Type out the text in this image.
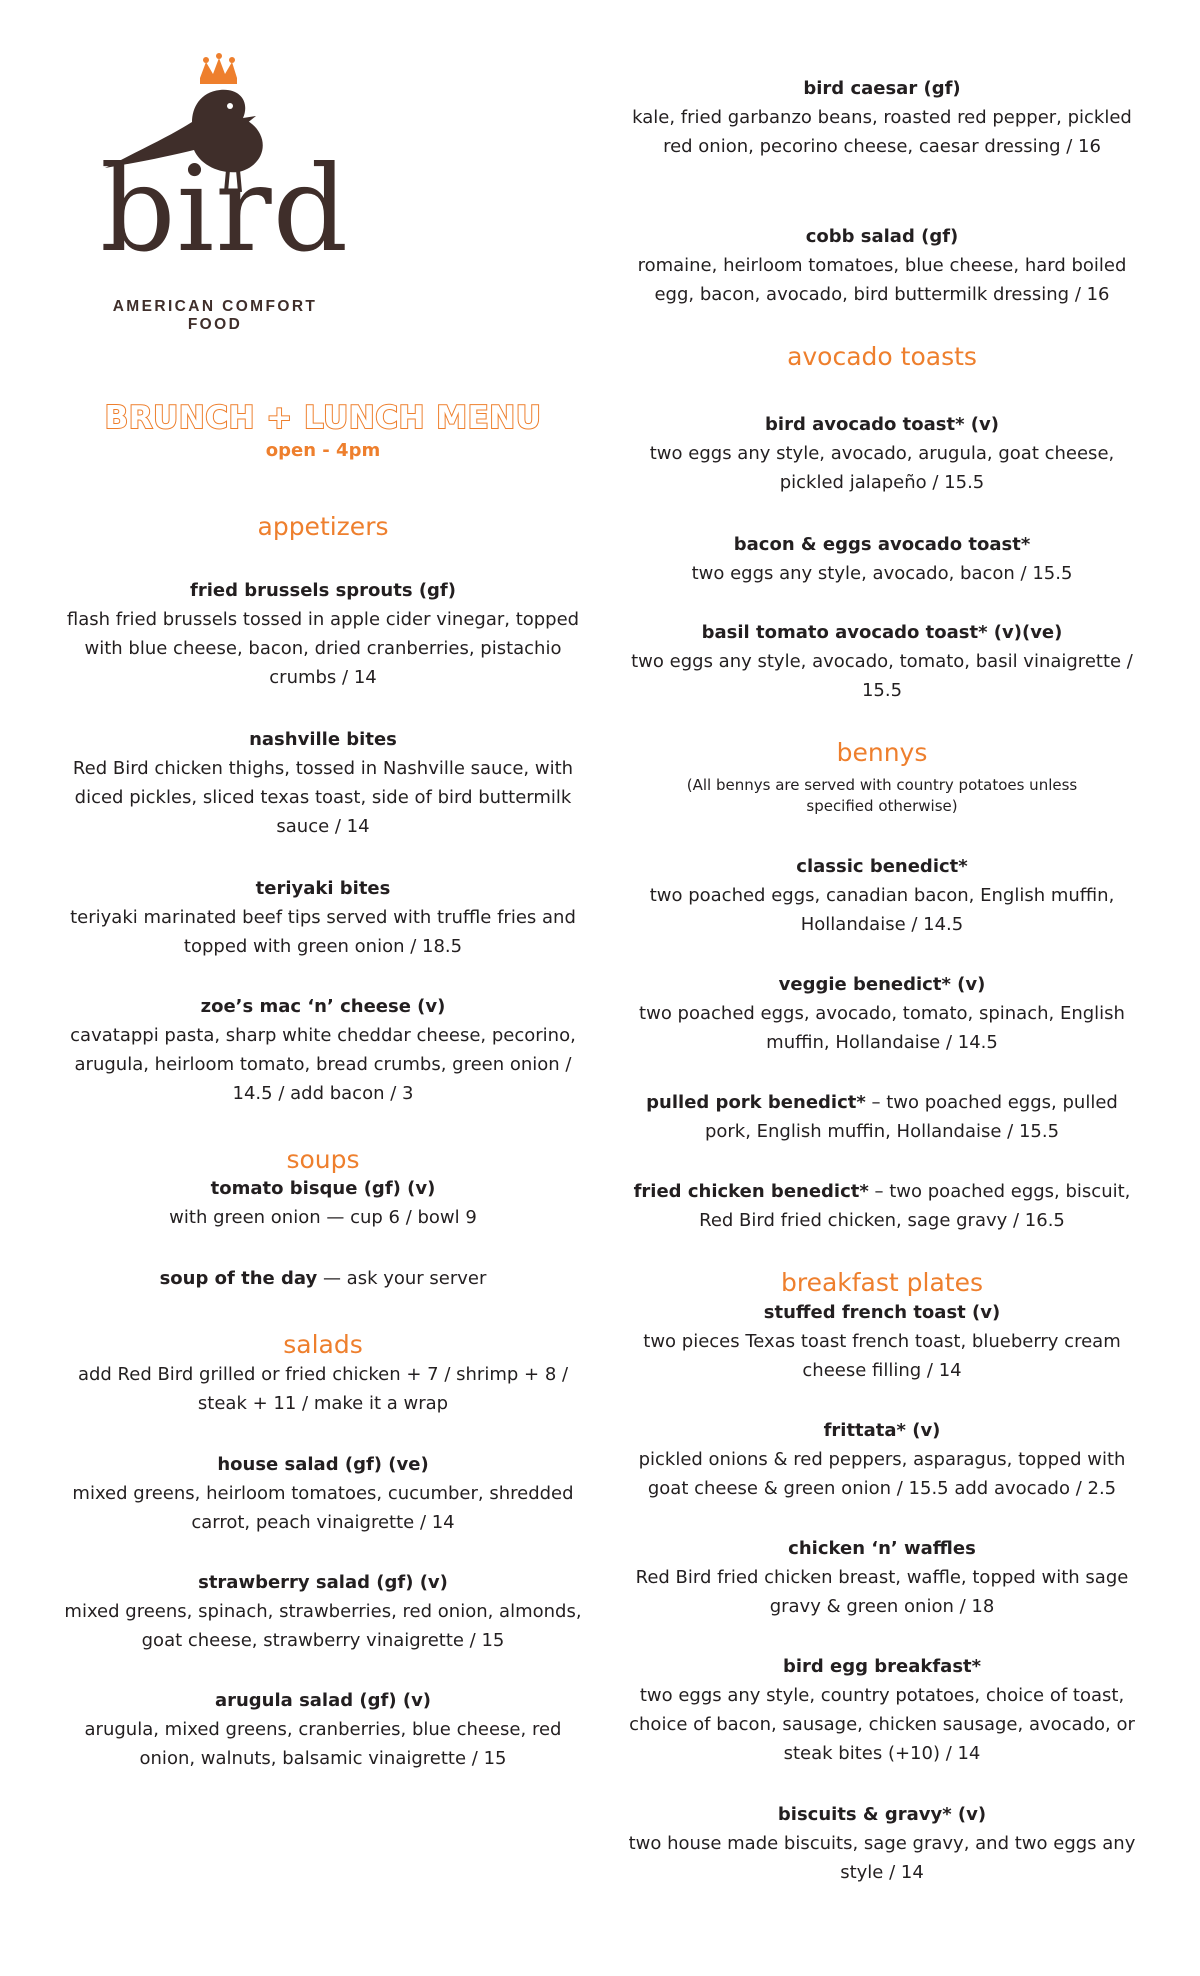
bird
AMERICAN COMFORT FOOD
BRUNCH + LUNCH MENU
open - 4pm
appetizers
fried brussels sprouts (gf)
flash fried brussels tossed in apple cider vinegar, topped with blue cheese, bacon, dried cranberries, pistachio crumbs / 14
nashville bites
Red Bird chicken thighs, tossed in Nashville sauce, with diced pickles, sliced texas toast, side of bird buttermilk sauce / 14
teriyaki bites
teriyaki marinated beef tips served with truffle fries and topped with green onion / 18.5
zoe’s mac ‘n’ cheese (v)
cavatappi pasta, sharp white cheddar cheese, pecorino, arugula, heirloom tomato, bread crumbs, green onion / 14.5 / add bacon / 3
soups
tomato bisque (gf) (v)
with green onion — cup 6 / bowl 9
soup of the day — ask your server
salads
add Red Bird grilled or fried chicken + 7 / shrimp + 8 / steak + 11 / make it a wrap
house salad (gf) (ve)
mixed greens, heirloom tomatoes, cucumber, shredded carrot, peach vinaigrette / 14
strawberry salad (gf) (v)
mixed greens, spinach, strawberries, red onion, almonds, goat cheese, strawberry vinaigrette / 15
arugula salad (gf) (v)
arugula, mixed greens, cranberries, blue cheese, red onion, walnuts, balsamic vinaigrette / 15
bird caesar (gf)
kale, fried garbanzo beans, roasted red pepper, pickled red onion, pecorino cheese, caesar dressing / 16
cobb salad (gf)
romaine, heirloom tomatoes, blue cheese, hard boiled egg, bacon, avocado, bird buttermilk dressing / 16
avocado toasts
bird avocado toast* (v)
two eggs any style, avocado, arugula, goat cheese, pickled jalapeño / 15.5
bacon & eggs avocado toast*
two eggs any style, avocado, bacon / 15.5
basil tomato avocado toast* (v)(ve)
two eggs any style, avocado, tomato, basil vinaigrette / 15.5
bennys
(All bennys are served with country potatoes unless specified otherwise)
classic benedict*
two poached eggs, canadian bacon, English muffin, Hollandaise / 14.5
veggie benedict* (v)
two poached eggs, avocado, tomato, spinach, English muffin, Hollandaise / 14.5
pulled pork benedict* – two poached eggs, pulled pork, English muffin, Hollandaise / 15.5
fried chicken benedict* – two poached eggs, biscuit, Red Bird fried chicken, sage gravy / 16.5
breakfast plates
stuffed french toast (v)
two pieces Texas toast french toast, blueberry cream cheese filling / 14
frittata* (v)
pickled onions & red peppers, asparagus, topped with goat cheese & green onion / 15.5 add avocado / 2.5
chicken ‘n’ waffles
Red Bird fried chicken breast, waffle, topped with sage gravy & green onion / 18
bird egg breakfast*
two eggs any style, country potatoes, choice of toast, choice of bacon, sausage, chicken sausage, avocado, or steak bites (+10) / 14
biscuits & gravy* (v)
two house made biscuits, sage gravy, and two eggs any style / 14
